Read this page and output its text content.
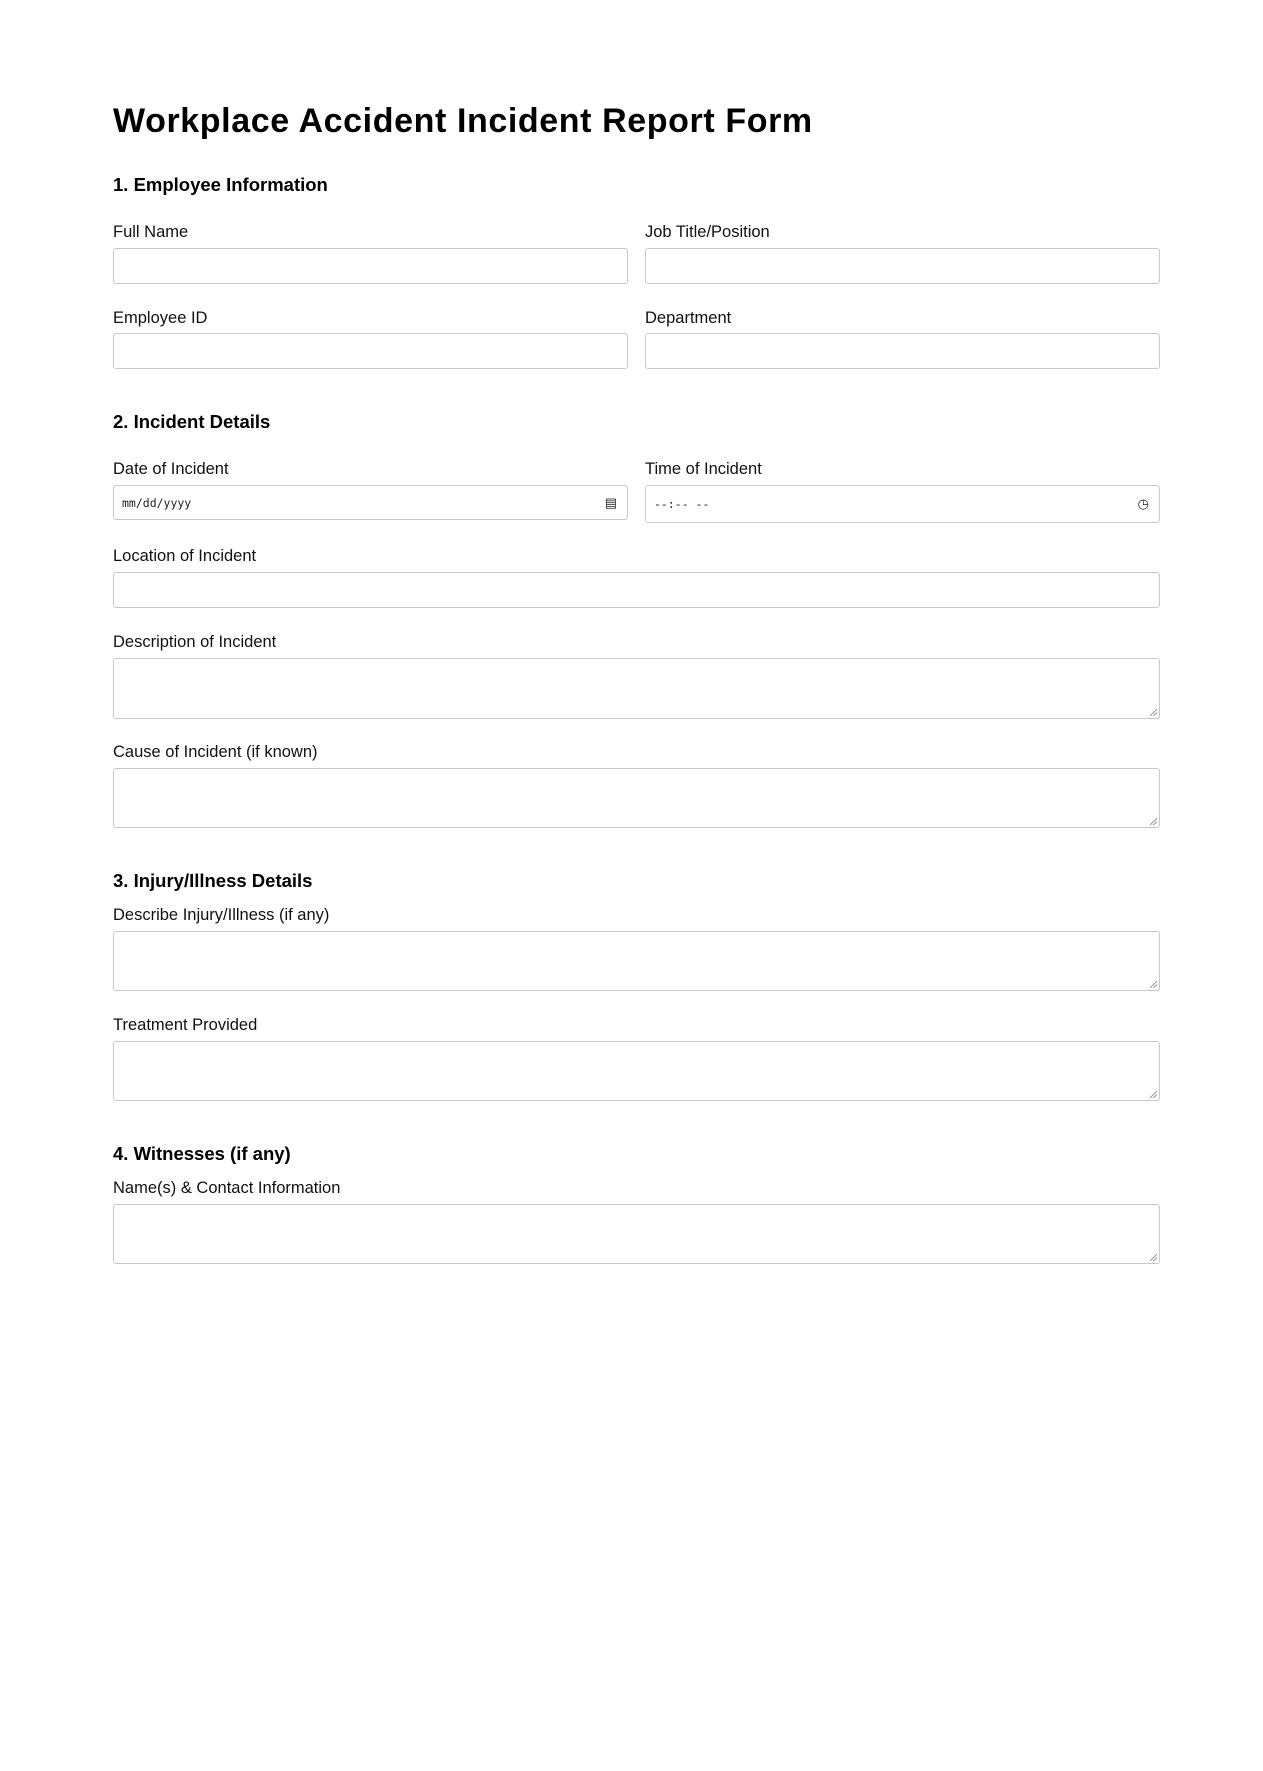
Workplace Accident Incident Report Form
1. Employee Information
Full Name	Job Title/Position
Employee ID	Department
2. Incident Details
Date of Incident
mm/dd/yyyy	▤
Time of Incident
--:-- --	◷
Location of Incident
Description of Incident
Cause of Incident (if known)
3. Injury/Illness Details
Describe Injury/Illness (if any)
Treatment Provided
4. Witnesses (if any)
Name(s) & Contact Information
